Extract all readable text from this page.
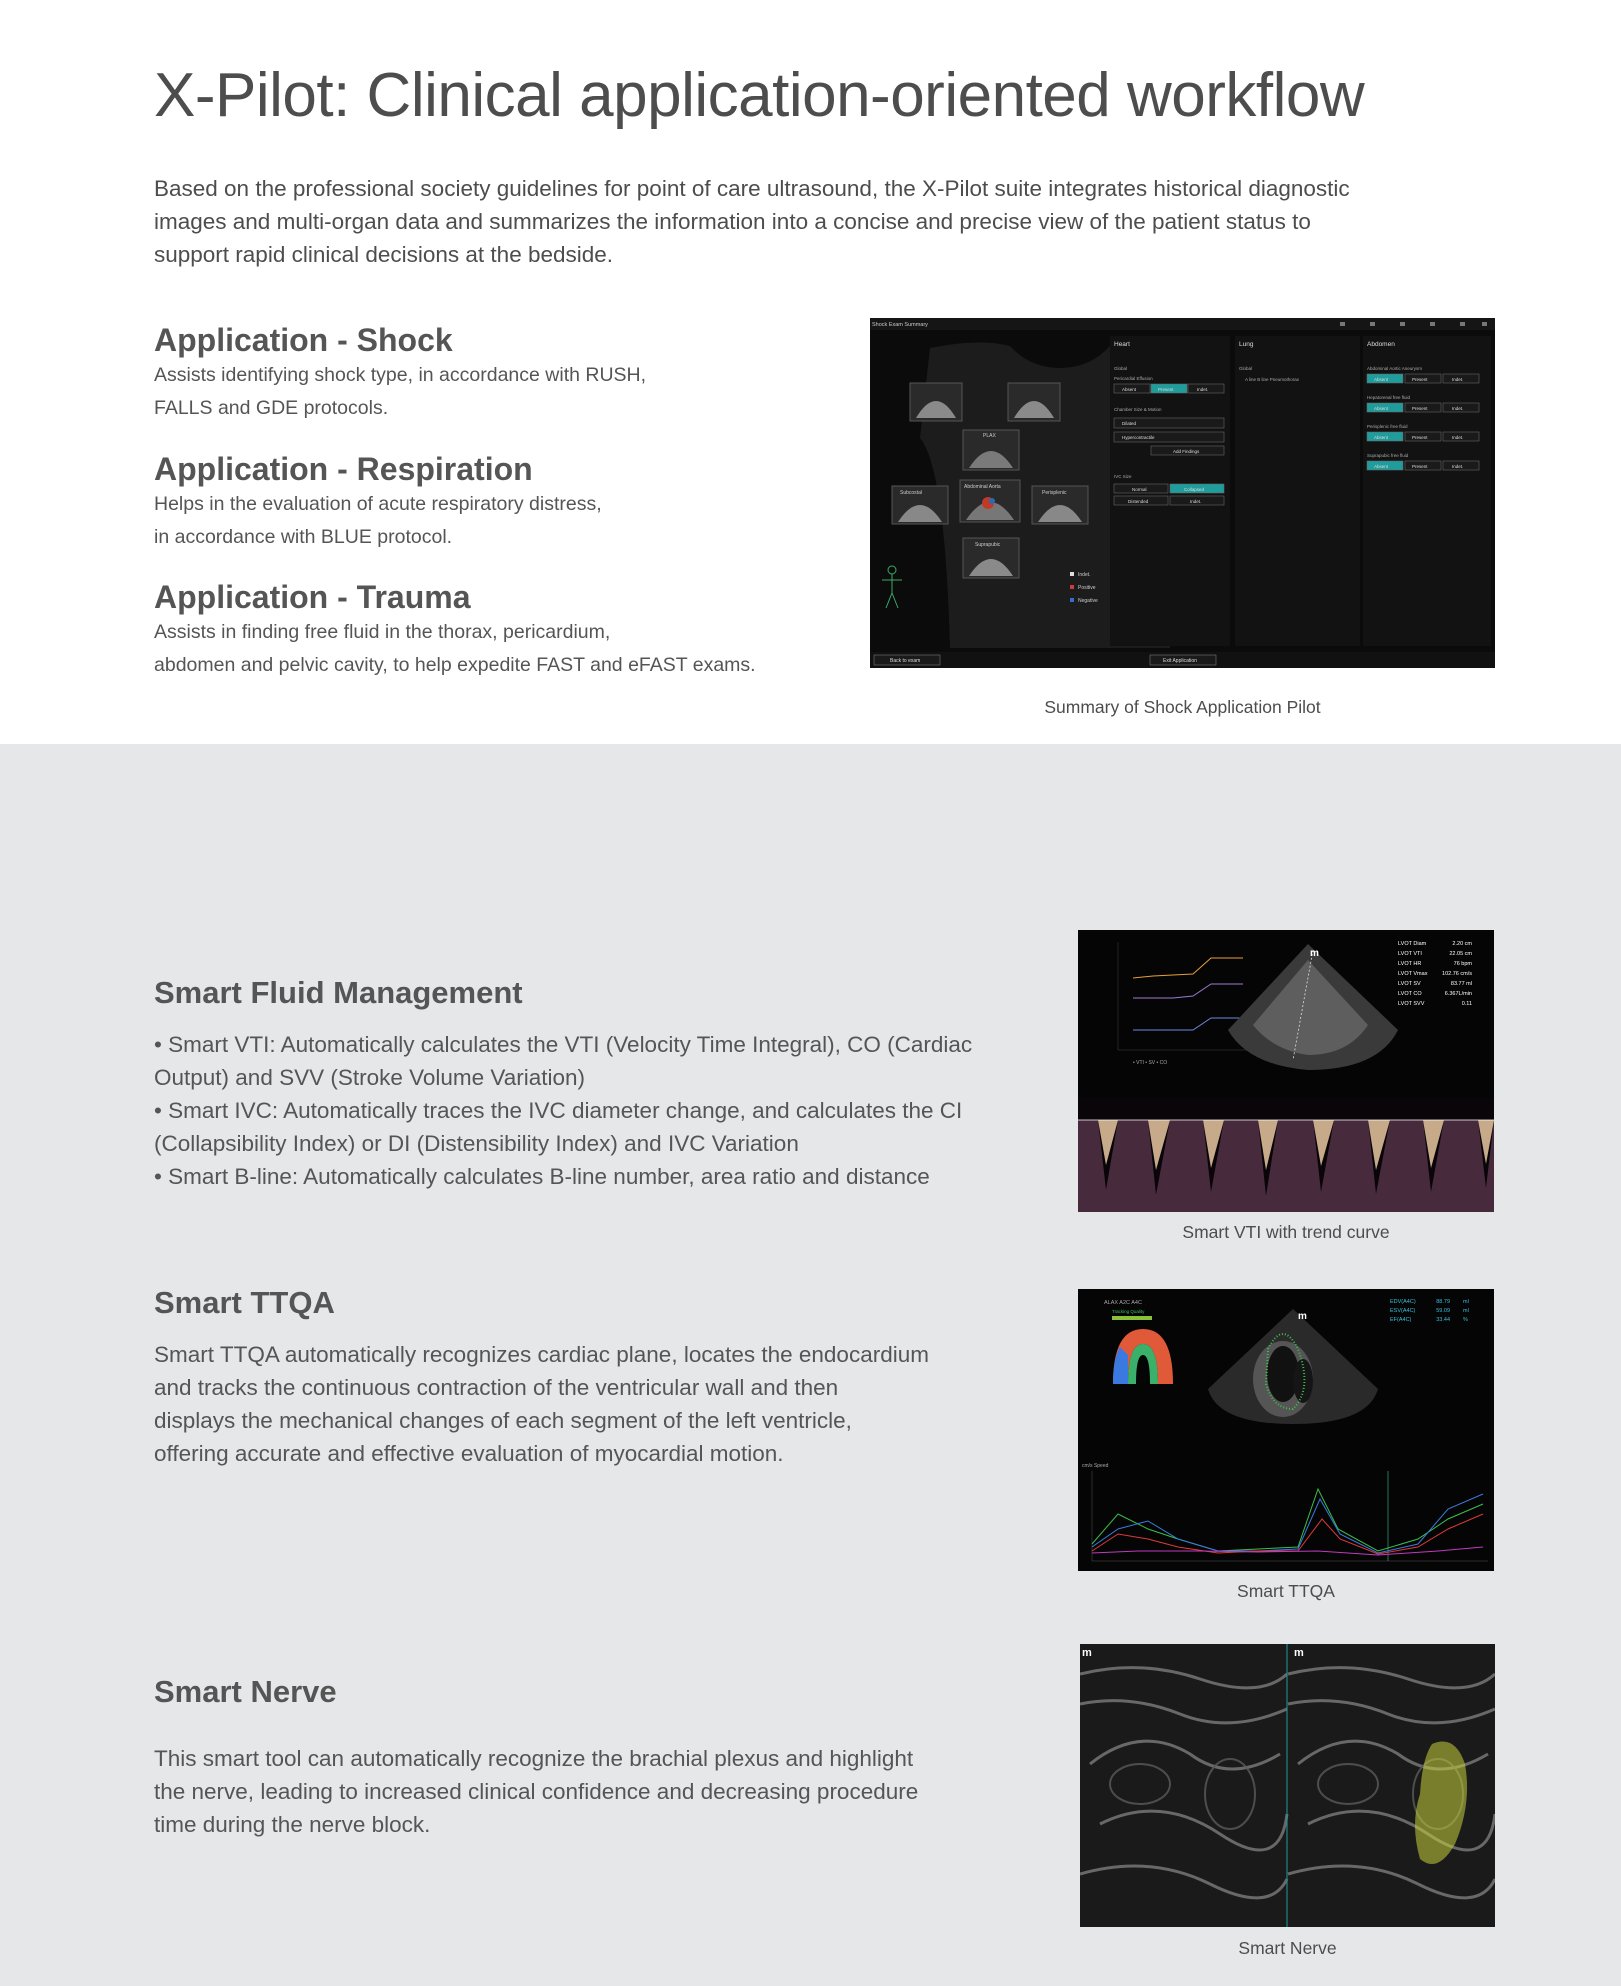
X-Pilot: Clinical application-oriented workflow
Based on the professional society guidelines for point of care ultrasound, the X-Pilot suite integrates historical diagnostic
images and multi-organ data and summarizes the information into a concise and precise view of the patient status to
support rapid clinical decisions at the bedside.
Application - Shock
Assists identifying shock type, in accordance with RUSH,
FALLS and GDE protocols.
Application - Respiration
Helps in the evaluation of acute respiratory distress,
in accordance with BLUE protocol.
Application - Trauma
Assists in finding free fluid in the thorax, pericardium,
abdomen and pelvic cavity, to help expedite FAST and eFAST exams.
Shock Exam Summary
PLAX
Subcostal
Abdominal Aorta
Perisplenic
Suprapubic
Indet.
Positive
Negative
Heart	Lung	Abdomen
Global
Pericardial Effusion
Chamber Size & Motion
IVC Size
Global
A line B line Pneumothorax
Abdominal Aortic Aneurysm
Hepatorenal free fluid
Perisplenic free fluid
Suprapubic free fluid
Absent	Present	Indet.
Dilated
Hypercontractile
Add Findings
Normal	Collapsed
Distended	Indet.
Absent	Present	Indet.
Absent	Present	Indet.
Absent	Present	Indet.
Absent	Present	Indet.
Back to exam	Exit Application
Summary of Shock Application Pilot
Smart Fluid Management
• Smart VTI: Automatically calculates the VTI (Velocity Time Integral), CO (Cardiac
Output) and SVV (Stroke Volume Variation)
• Smart IVC: Automatically traces the IVC diameter change, and calculates the CI
(Collapsibility Index) or DI (Distensibility Index) and IVC Variation
• Smart B-line: Automatically calculates B-line number, area ratio and distance
• VTI • SV • CO
m
LVOT Diam	2.20 cm
LVOT VTI	22.05 cm
LVOT HR	76 bpm
LVOT Vmax	102.76 cm/s
LVOT SV	83.77 ml
LVOT CO	6.367L/min
LVOT SVV	0.11
Smart VTI with trend curve
Smart TTQA
Smart TTQA automatically recognizes cardiac plane, locates the endocardium
and tracks the continuous contraction of the ventricular wall and then
displays the mechanical changes of each segment of the left ventricle,
offering accurate and effective evaluation of myocardial motion.
ALAX A2C A4C
Tracking Quality	m
EDV(A4C)	88.79 ml
ESV(A4C)	59.09 ml
EF(A4C)	33.44 %
cm/s Speed
Smart TTQA
Smart Nerve
This smart tool can automatically recognize the brachial plexus and highlight
the nerve, leading to increased clinical confidence and decreasing procedure
time during the nerve block.
m	m
Smart Nerve
